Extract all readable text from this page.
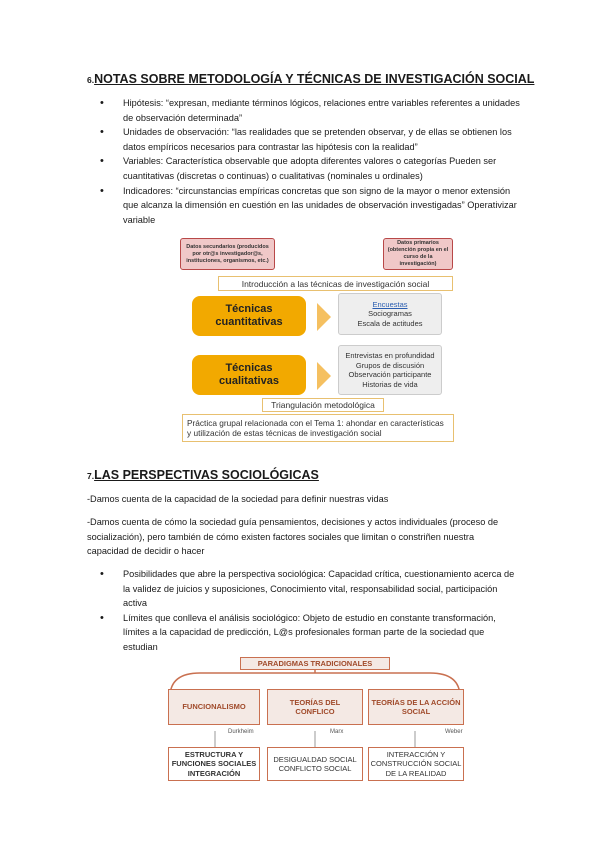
6.NOTAS SOBRE METODOLOGÍA Y TÉCNICAS DE INVESTIGACIÓN SOCIAL
• Hipótesis: “expresan, mediante términos lógicos, relaciones entre variables referentes a unidades de observación determinada”
• Unidades de observación: “las realidades que se pretenden observar, y de ellas se obtienen los datos empíricos necesarios para contrastar las hipótesis con la realidad”
• Variables: Característica observable que adopta diferentes valores o categorías Pueden ser cuantitativas (discretas o continuas) o cualitativas (nominales u ordinales)
• Indicadores: “circunstancias empíricas concretas que son signo de la mayor o menor extensión que alcanza la dimensión en cuestión en las unidades de observación investigadas” Operativizar variable
Datos secundarios (producidos por otr@s investigador@s, instituciones, organismos, etc.)
Datos primarios (obtención propia en el curso de la investigación)
Introducción a las técnicas de investigación social
Técnicas
cuantitativas
Encuestas
Sociogramas
Escala de actitudes
Técnicas
cualitativas
Entrevistas en profundidad
Grupos de discusión
Observación participante
Historias de vida
Triangulación metodológica
Práctica grupal relacionada con el Tema 1: ahondar en características y utilización de estas técnicas de investigación social
7.LAS PERSPECTIVAS SOCIOLÓGICAS
-Damos cuenta de la capacidad de la sociedad para definir nuestras vidas
-Damos cuenta de cómo la sociedad guía pensamientos, decisiones y actos individuales (proceso de socialización), pero también de cómo existen factores sociales que limitan o constriñen nuestra capacidad de decidir o hacer
• Posibilidades que abre la perspectiva sociológica: Capacidad crítica, cuestionamiento acerca de la validez de juicios y suposiciones, Conocimiento vital, responsabilidad social, participación activa
• Límites que conlleva el análisis sociológico: Objeto de estudio en constante transformación, límites a la capacidad de predicción, L@s profesionales forman parte de la sociedad que estudian
PARADIGMAS TRADICIONALES
FUNCIONALISMO
TEORÍAS DEL
CONFLICO
TEORÍAS DE LA ACCIÓN
SOCIAL
Durkheim	Marx	Weber
ESTRUCTURA Y
FUNCIONES SOCIALES
INTEGRACIÓN
DESIGUALDAD SOCIAL
CONFLICTO SOCIAL
INTERACCIÓN Y
CONSTRUCCIÓN SOCIAL
DE LA REALIDAD
